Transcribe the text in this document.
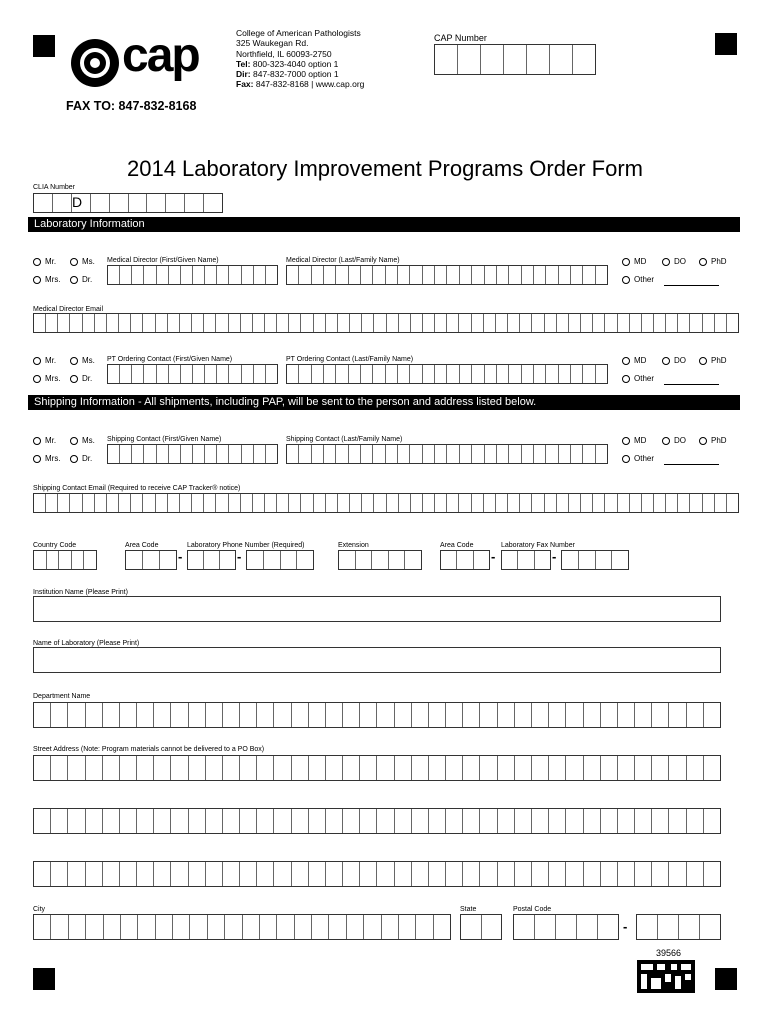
cap	College of American Pathologists
325 Waukegan Rd.
Northfield, IL 60093-2750
Tel: 800-323-4040 option 1
Dir: 847-832-7000 option 1
Fax: 847-832-8168 | www.cap.org
CAP Number
FAX TO: 847-832-8168
2014 Laboratory Improvement Programs Order Form
CLIA Number
D
Laboratory Information
Mr.	Ms.
Mrs.	Dr.
Medical Director (First/Given Name)	Medical Director (Last/Family Name)	MD	DO	PhD
Other
Medical Director Email
Mr.	Ms.
Mrs.	Dr.
PT Ordering Contact (First/Given Name)	PT Ordering Contact (Last/Family Name)	MD	DO	PhD
Other
Shipping Information - All shipments, including PAP, will be sent to the person and address listed below.
Mr.	Ms.
Mrs.	Dr.
Shipping Contact (First/Given Name)	Shipping Contact (Last/Family Name)	MD	DO	PhD
Other
Shipping Contact Email (Required to receive CAP Tracker® notice)
Country Code	Area Code
-
Laboratory Phone Number (Required)
-
Extension	Area Code
-
Laboratory Fax Number
-
Institution Name (Please Print)
Name of Laboratory (Please Print)
Department Name
Street Address (Note: Program materials cannot be delivered to a PO Box)
City	State	Postal Code
-
39566
